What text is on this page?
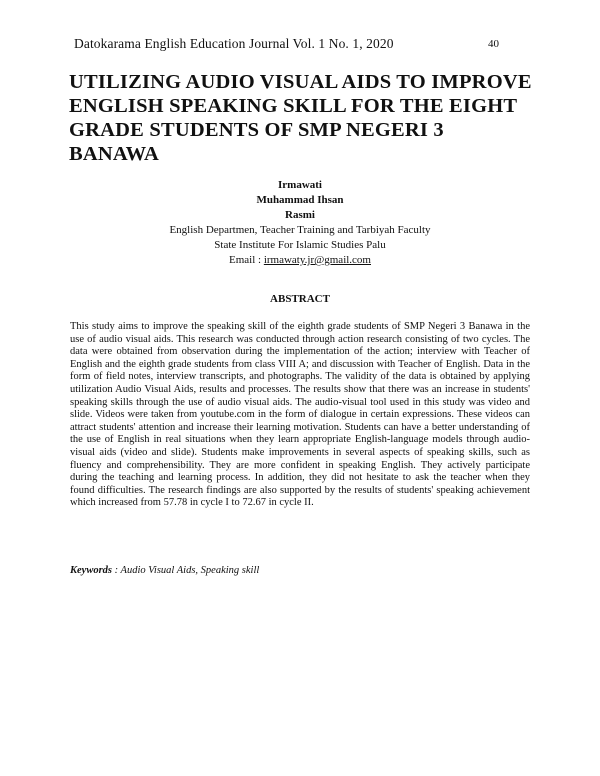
Datokarama English Education Journal Vol. 1 No. 1, 2020	40
UTILIZING AUDIO VISUAL AIDS TO IMPROVE ENGLISH SPEAKING SKILL FOR THE EIGHT GRADE STUDENTS OF SMP NEGERI 3 BANAWA
Irmawati
Muhammad Ihsan
Rasmi
English Departmen, Teacher Training and Tarbiyah Faculty
State Institute For Islamic Studies Palu
Email : irmawaty.jr@gmail.com
ABSTRACT

This study aims to improve the speaking skill of the eighth grade students of SMP Negeri 3 Banawa in the use of audio visual aids. This research was conducted through action research consisting of two cycles. The data were obtained from observation during the implementation of the action; interview with Teacher of English and the eighth grade students from class VIII A; and discussion with Teacher of English. Data in the form of field notes, interview transcripts, and photographs. The validity of the data is obtained by applying utilization Audio Visual Aids, results and processes. The results show that there was an increase in students' speaking skills through the use of audio visual aids. The audio-visual tool used in this study was video and slide. Videos were taken from youtube.com in the form of dialogue in certain expressions. These videos can attract students' attention and increase their learning motivation. Students can have a better understanding of the use of English in real situations when they learn appropriate English-language models through audio-visual aids (video and slide). Students make improvements in several aspects of speaking skills, such as fluency and comprehensibility. They are more confident in speaking English. They actively participate during the teaching and learning process. In addition, they did not hesitate to ask the teacher when they found difficulties. The research findings are also supported by the results of students' speaking achievement which increased from 57.78 in cycle I to 72.67 in cycle II.

Keywords : Audio Visual Aids, Speaking skill
